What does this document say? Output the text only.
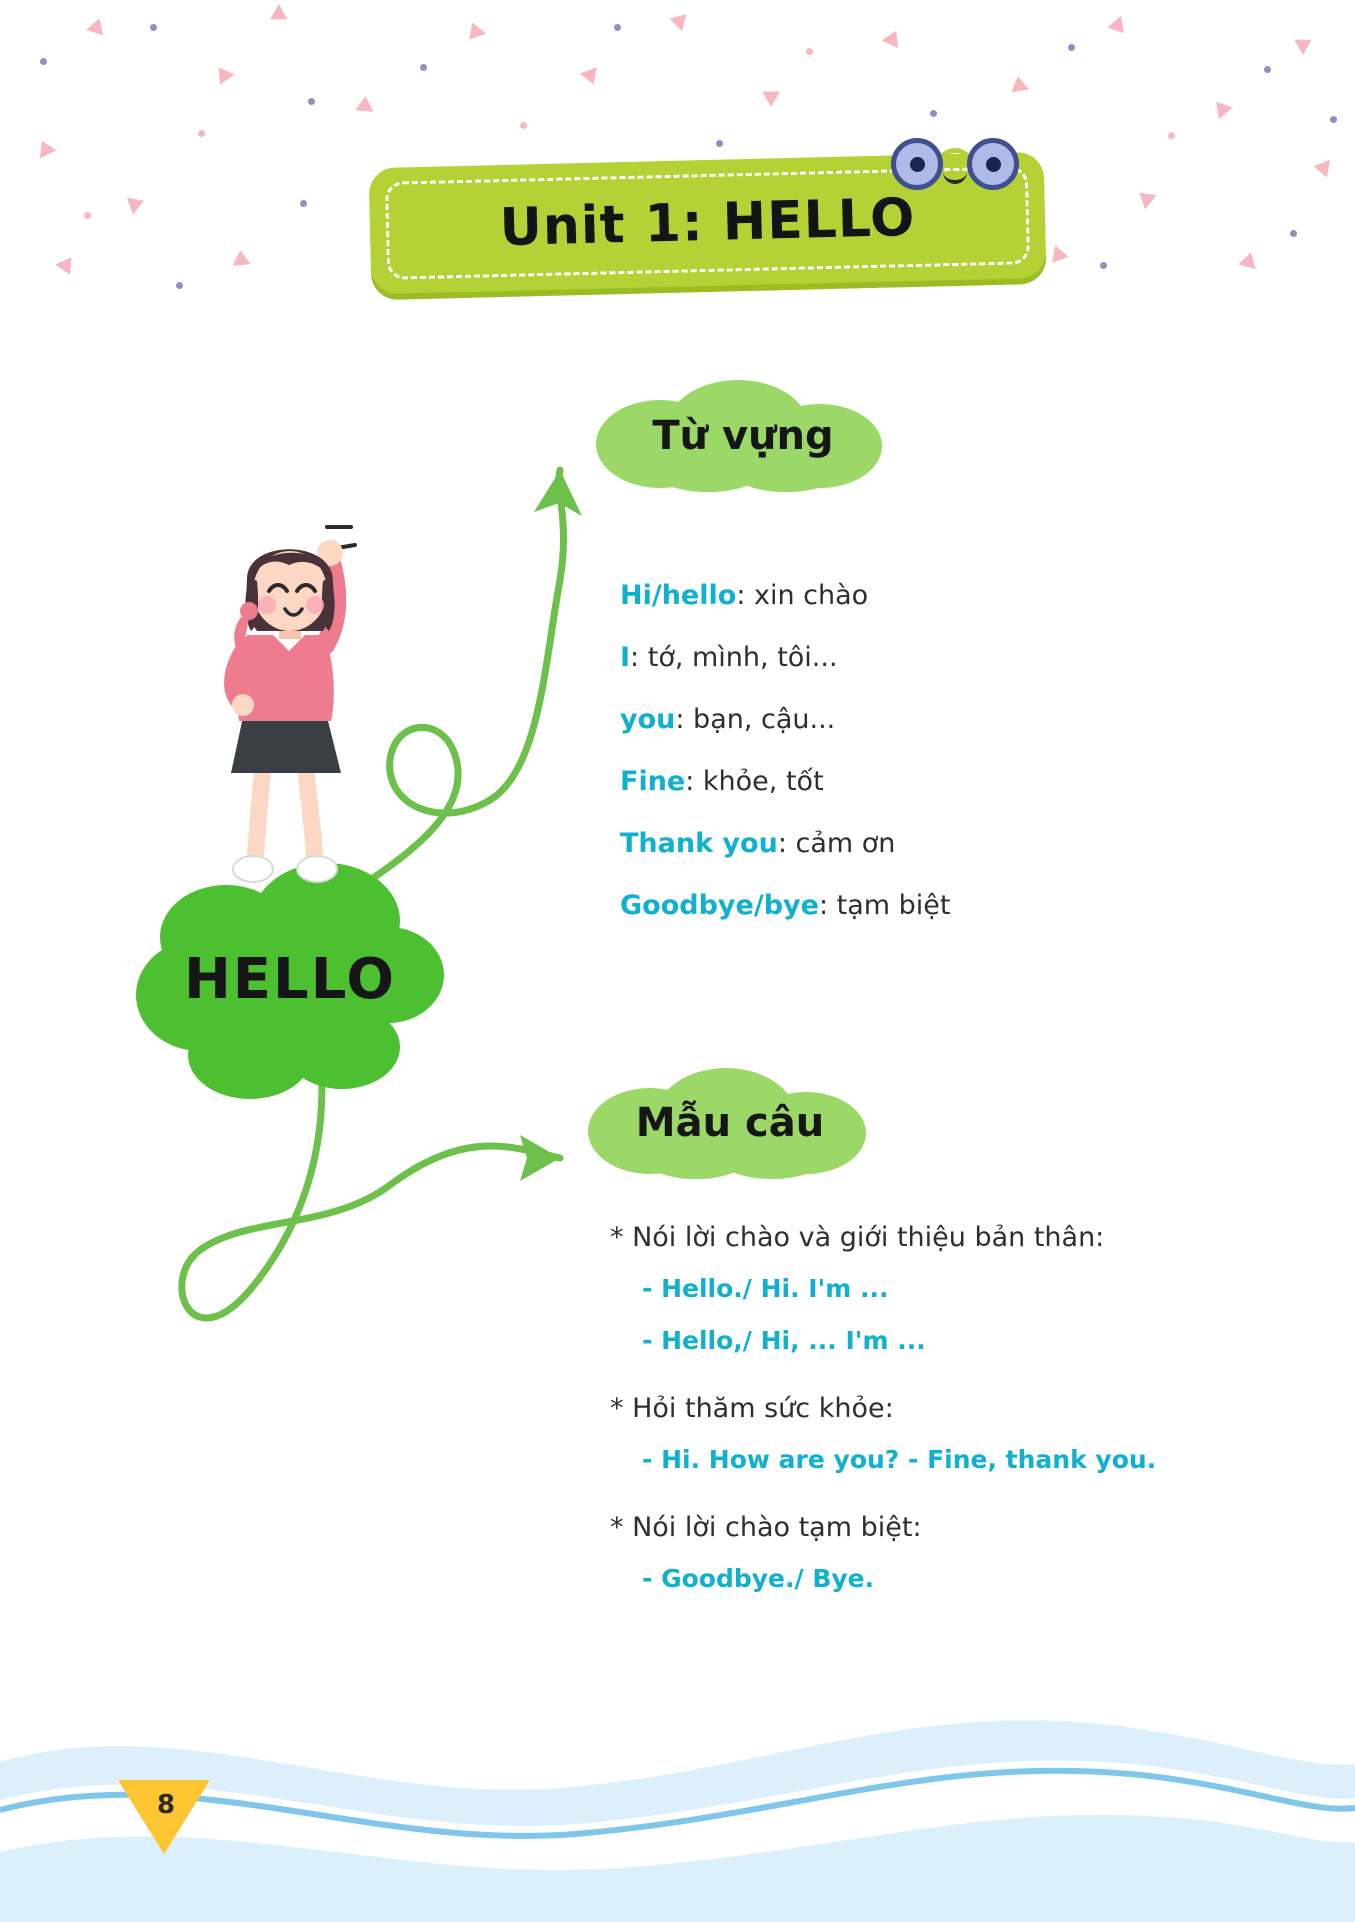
Unit 1: HELLO
Từ vựng
Mẫu câu
HELLO
Hi/hello: xin chào
I: tớ, mình, tôi...
you: bạn, cậu...
Fine: khỏe, tốt
Thank you: cảm ơn
Goodbye/bye: tạm biệt
* Nói lời chào và giới thiệu bản thân:
- Hello./ Hi. I'm ...
- Hello,/ Hi, ... I'm ...
* Hỏi thăm sức khỏe:
- Hi. How are you? - Fine, thank you.
* Nói lời chào tạm biệt:
- Goodbye./ Bye.
8
